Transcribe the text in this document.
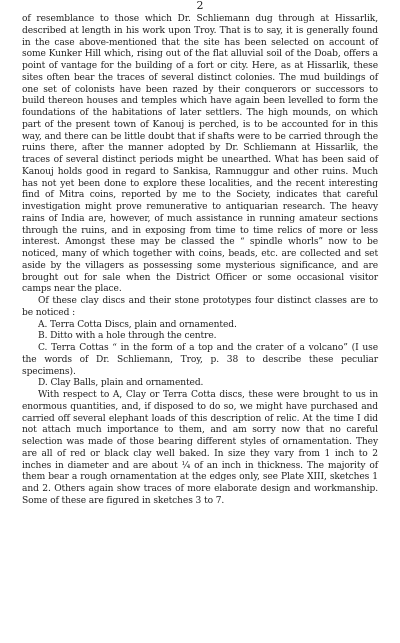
2

of resemblance to those which Dr. Schliemann dug through at Hissarlik, described at length in his work upon Troy. That is to say, it is generally found in the case above-mentioned that the site has been selected on account of some Kunker Hill which, rising out of the flat alluvial soil of the Doab, offers a point of vantage for the building of a fort or city. Here, as at Hissarlik, these sites often bear the traces of several distinct colonies. The mud buildings of one set of colonists have been razed by their conquerors or successors to build thereon houses and temples which have again been levelled to form the foundations of the habitations of later settlers. The high mounds, on which part of the present town of Kanouj is perched, is to be accounted for in this way, and there can be little doubt that if shafts were to be carried through the ruins there, after the manner adopted by Dr. Schliemann at Hissarlik, the traces of several distinct periods might be unearthed. What has been said of Kanouj holds good in regard to Sankisa, Ramnuggur and other ruins. Much has not yet been done to explore these localities, and the recent interesting find of Mitra coins, reported by me to the Society, indicates that careful investigation might prove remunerative to antiquarian research. The heavy rains of India are, however, of much assistance in running amateur sections through the ruins, and in exposing from time to time relics of more or less interest. Amongst these may be classed the “ spindle whorls” now to be noticed, many of which together with coins, beads, etc. are collected and set aside by the villagers as possessing some mysterious significance, and are brought out for sale when the District Officer or some occasional visitor camps near the place.

Of these clay discs and their stone prototypes four distinct classes are to be noticed :

A. Terra Cotta Discs, plain and ornamented.

B. Ditto with a hole through the centre.

C. Terra Cottas “ in the form of a top and the crater of a volcano” (I use the words of Dr. Schliemann, Troy, p. 38 to describe these peculiar specimens).

D. Clay Balls, plain and ornamented.

With respect to A, Clay or Terra Cotta discs, these were brought to us in enormous quantities, and, if disposed to do so, we might have purchased and carried off several elephant loads of this description of relic. At the time I did not attach much importance to them, and am sorry now that no careful selection was made of those bearing different styles of ornamentation. They are all of red or black clay well baked. In size they vary from 1 inch to 2 inches in diameter and are about ¼ of an inch in thickness. The majority of them bear a rough ornamentation at the edges only, see Plate XIII, sketches 1 and 2. Others again show traces of more elaborate design and workmanship. Some of these are figured in sketches 3 to 7.
